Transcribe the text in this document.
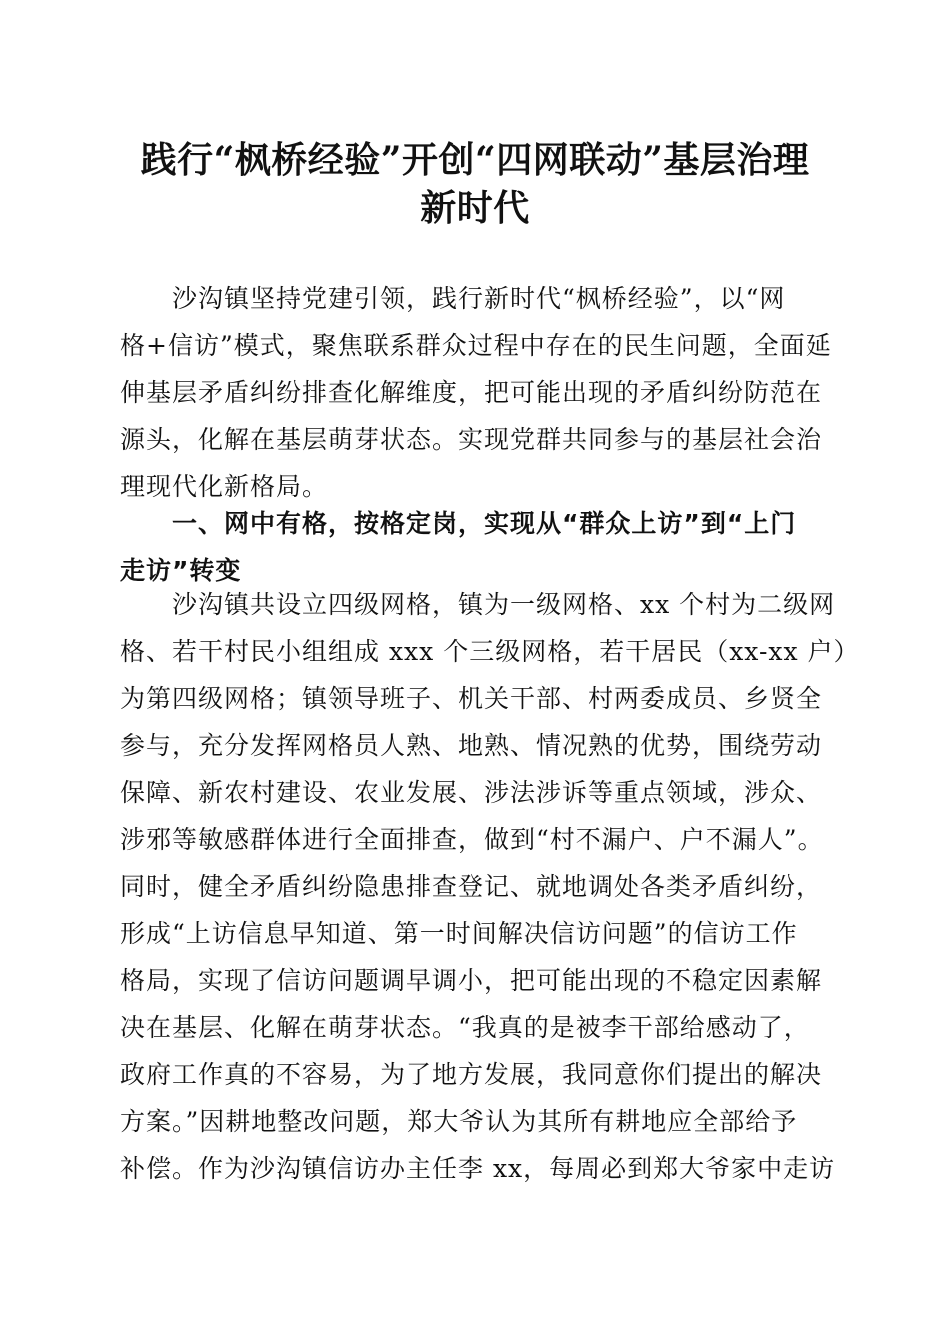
践行“枫桥经验”开创“四网联动”基层治理
新时代
沙沟镇坚持党建引领，践行新时代“枫桥经验”，以“网
格+信访”模式，聚焦联系群众过程中存在的民生问题，全面延
伸基层矛盾纠纷排查化解维度，把可能出现的矛盾纠纷防范在
源头，化解在基层萌芽状态。实现党群共同参与的基层社会治
理现代化新格局。
一、网中有格，按格定岗，实现从“群众上访”到“上门
走访”转变
沙沟镇共设立四级网格，镇为一级网格、xx 个村为二级网
格、若干村民小组组成 xxx 个三级网格，若干居民（xx-xx 户）
为第四级网格；镇领导班子、机关干部、村两委成员、乡贤全
参与，充分发挥网格员人熟、地熟、情况熟的优势，围绕劳动
保障、新农村建设、农业发展、涉法涉诉等重点领域，涉众、
涉邪等敏感群体进行全面排查，做到“村不漏户、户不漏人”。
同时，健全矛盾纠纷隐患排查登记、就地调处各类矛盾纠纷，
形成“上访信息早知道、第一时间解决信访问题”的信访工作
格局，实现了信访问题调早调小，把可能出现的不稳定因素解
决在基层、化解在萌芽状态。“我真的是被李干部给感动了，
政府工作真的不容易，为了地方发展，我同意你们提出的解决
方案。”因耕地整改问题，郑大爷认为其所有耕地应全部给予
补偿。作为沙沟镇信访办主任李 xx，每周必到郑大爷家中走访
